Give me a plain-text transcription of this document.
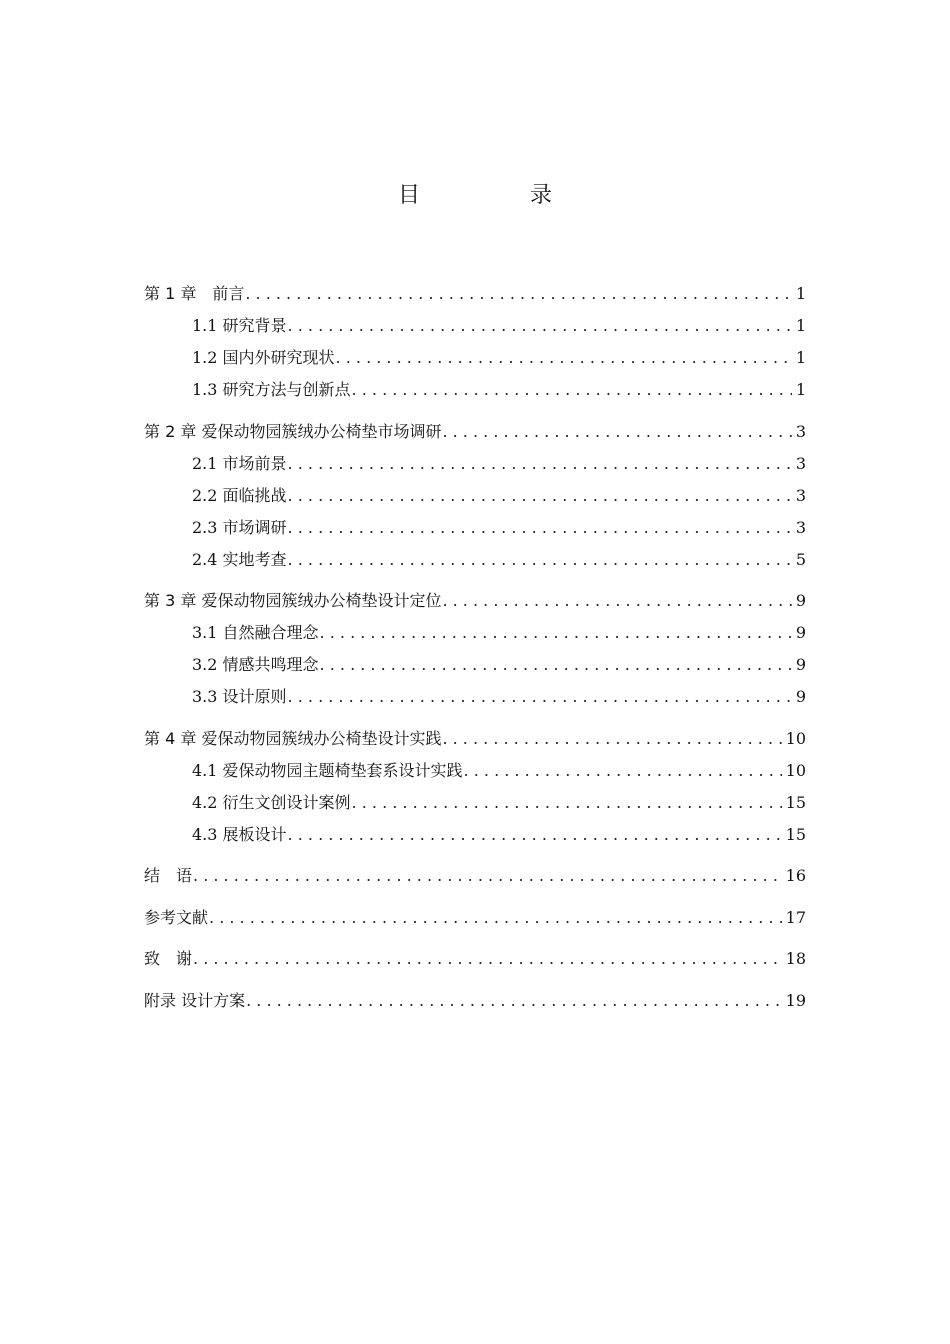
目　录
第 1 章　前言 . . .	1
1.1 研究背景 . . .	1
1.2 国内外研究现状 . . .	1
1.3 研究方法与创新点 . . .	1
第 2 章 爱保动物园簇绒办公椅垫市场调研 . . .	3
2.1 市场前景 . . .	3
2.2 面临挑战 . . .	3
2.3 市场调研 . . .	3
2.4 实地考查 . . .	5
第 3 章 爱保动物园簇绒办公椅垫设计定位 . . .	9
3.1 自然融合理念 . . .	9
3.2 情感共鸣理念 . . .	9
3.3 设计原则 . . .	9
第 4 章 爱保动物园簇绒办公椅垫设计实践 . . .	10
4.1 爱保动物园主题椅垫套系设计实践 . . .	10
4.2 衍生文创设计案例 . . .	15
4.3 展板设计 . . .	15
结　语 . . .	16
参考文献 . . .	17
致　谢 . . .	18
附录 设计方案 . . .	19
